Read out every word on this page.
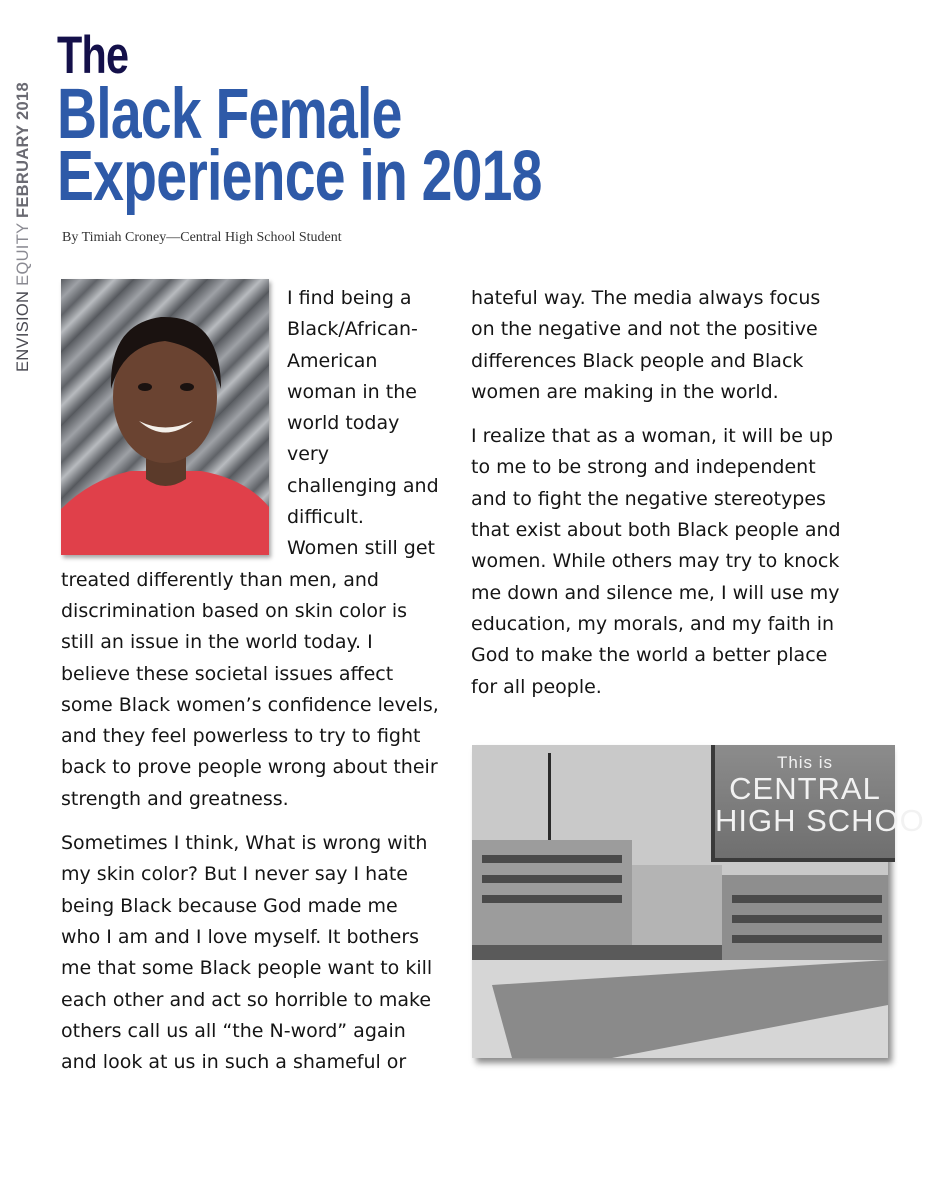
ENVISION EQUITY FEBRUARY 2018
The
Black Female
Experience in 2018
By Timiah Croney—Central High School Student

I find being a Black/African-American woman in the world today very challenging and difficult. Women still get treated differently than men, and discrimination based on skin color is still an issue in the world today. I believe these societal issues affect some Black women’s confidence levels, and they feel powerless to try to fight back to prove people wrong about their strength and greatness.

Sometimes I think, What is wrong with my skin color? But I never say I hate being Black because God made me who I am and I love myself. It bothers me that some Black people want to kill each other and act so horrible to make others call us all “the N-word” again and look at us in such a shameful or

hateful way. The media always focus on the negative and not the positive differences Black people and Black women are making in the world.

I realize that as a woman, it will be up to me to be strong and independent and to fight the negative stereotypes that exist about both Black people and women. While others may try to knock me down and silence me, I will use my education, my morals, and my faith in God to make the world a better place for all people.

This is
CENTRAL
HIGH SCHOO
